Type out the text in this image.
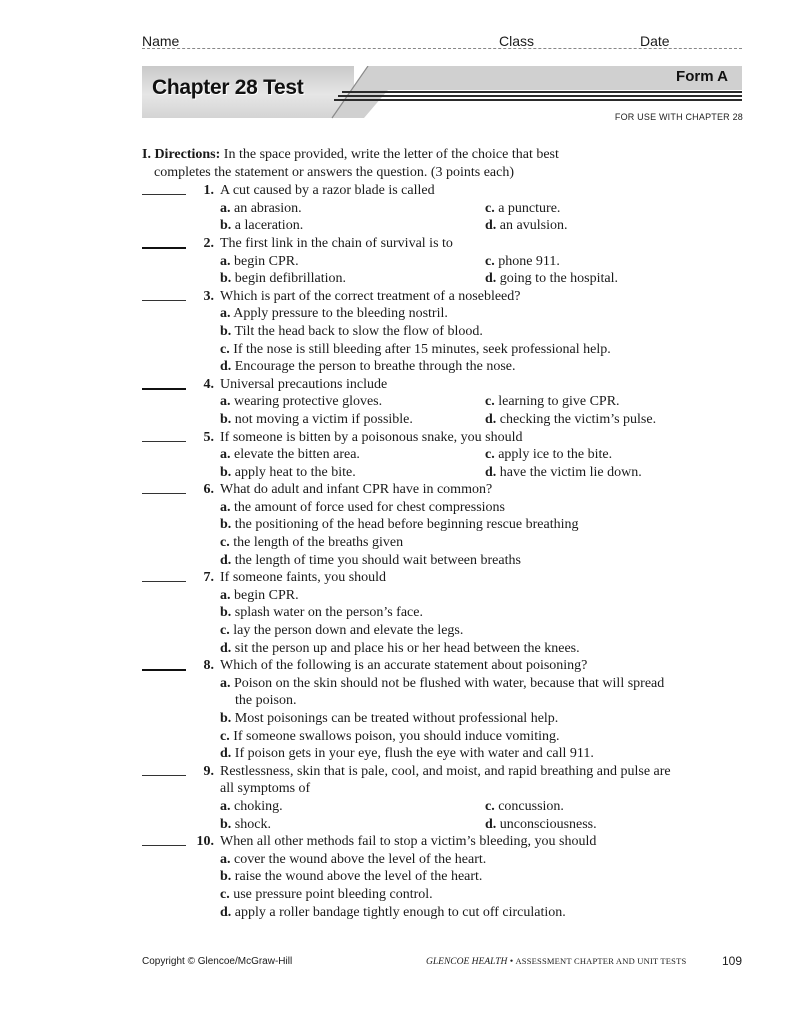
Name	Class	Date
Chapter 28 Test	Form A
FOR USE WITH CHAPTER 28
I. Directions: In the space provided, write the letter of the choice that best
completes the statement or answers the question. (3 points each)
1. A cut caused by a razor blade is called
a. an abrasion.	c. a puncture.
b. a laceration.	d. an avulsion.
2. The first link in the chain of survival is to
a. begin CPR.	c. phone 911.
b. begin defibrillation.	d. going to the hospital.
3. Which is part of the correct treatment of a nosebleed?
a. Apply pressure to the bleeding nostril.
b. Tilt the head back to slow the flow of blood.
c. If the nose is still bleeding after 15 minutes, seek professional help.
d. Encourage the person to breathe through the nose.
4. Universal precautions include
a. wearing protective gloves.	c. learning to give CPR.
b. not moving a victim if possible.	d. checking the victim’s pulse.
5. If someone is bitten by a poisonous snake, you should
a. elevate the bitten area.	c. apply ice to the bite.
b. apply heat to the bite.	d. have the victim lie down.
6. What do adult and infant CPR have in common?
a. the amount of force used for chest compressions
b. the positioning of the head before beginning rescue breathing
c. the length of the breaths given
d. the length of time you should wait between breaths
7. If someone faints, you should
a. begin CPR.
b. splash water on the person’s face.
c. lay the person down and elevate the legs.
d. sit the person up and place his or her head between the knees.
8. Which of the following is an accurate statement about poisoning?
a. Poison on the skin should not be flushed with water, because that will spread
the poison.
b. Most poisonings can be treated without professional help.
c. If someone swallows poison, you should induce vomiting.
d. If poison gets in your eye, flush the eye with water and call 911.
9. Restlessness, skin that is pale, cool, and moist, and rapid breathing and pulse are
all symptoms of
a. choking.	c. concussion.
b. shock.	d. unconsciousness.
10. When all other methods fail to stop a victim’s bleeding, you should
a. cover the wound above the level of the heart.
b. raise the wound above the level of the heart.
c. use pressure point bleeding control.
d. apply a roller bandage tightly enough to cut off circulation.
Copyright © Glencoe/McGraw-Hill	GLENCOE HEALTH • ASSESSMENT CHAPTER AND UNIT TESTS	109
